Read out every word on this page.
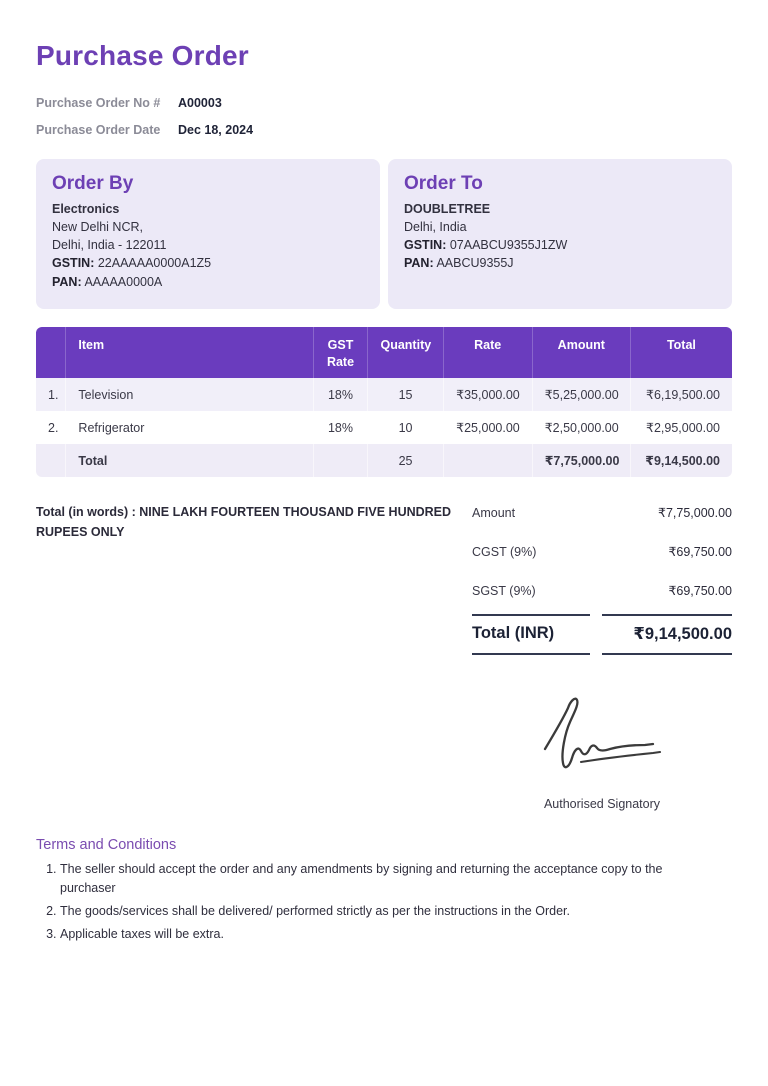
Purchase Order
Purchase Order No #	A00003
Purchase Order Date	Dec 18, 2024
Order By

Electronics

New Delhi NCR,

Delhi, India - 122011

GSTIN: 22AAAAA0000A1Z5

PAN: AAAAA0000A

Order To

DOUBLETREE

Delhi, India

GSTIN: 07AABCU9355J1ZW

PAN: AABCU9355J

	Item	GST Rate	Quantity	Rate	Amount	Total
1.	Television	18%	15	₹35,000.00	₹5,25,000.00	₹6,19,500.00
2.	Refrigerator	18%	10	₹25,000.00	₹2,50,000.00	₹2,95,000.00
	Total		25		₹7,75,000.00	₹9,14,500.00
Total (in words) : NINE LAKH FOURTEEN THOUSAND FIVE HUNDRED RUPEES ONLY
Amount	₹7,75,000.00
CGST (9%)	₹69,750.00
SGST (9%)	₹69,750.00
Total (INR)	₹9,14,500.00
Authorised Signatory
Terms and Conditions
1. The seller should accept the order and any amendments by signing and returning the acceptance copy to the purchaser
2. The goods/services shall be delivered/ performed strictly as per the instructions in the Order.
3. Applicable taxes will be extra.
